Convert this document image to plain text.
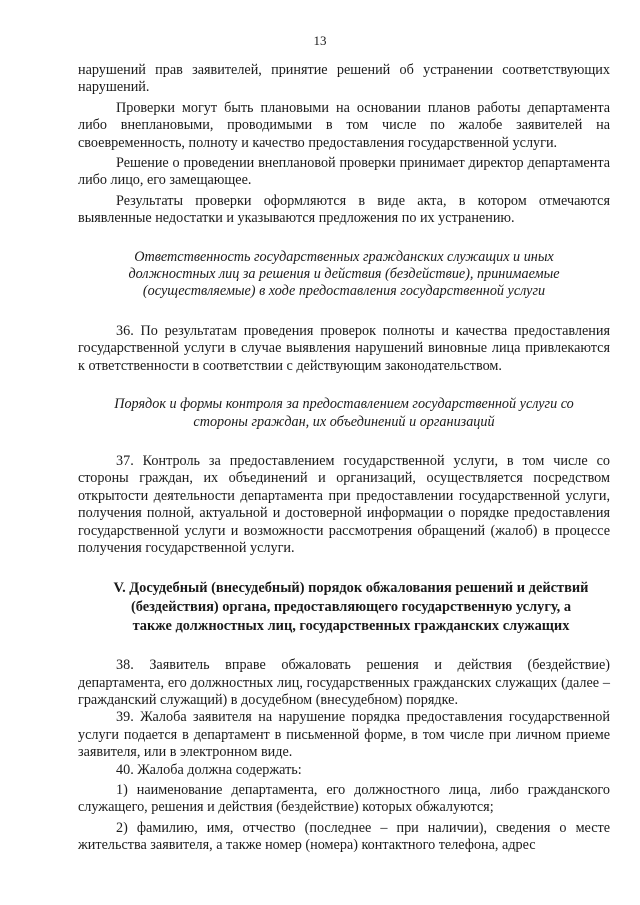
13

нарушений прав заявителей, принятие решений об устранении соответствующих нарушений.

Проверки могут быть плановыми на основании планов работы департамента либо внеплановыми, проводимыми в том числе по жалобе заявителей на своевременность, полноту и качество предоставления государственной услуги.

Решение о проведении внеплановой проверки принимает директор департамента либо лицо, его замещающее.

Результаты проверки оформляются в виде акта, в котором отмечаются выявленные недостатки и указываются предложения по их устранению.

Ответственность государственных гражданских служащих и иных должностных лиц за решения и действия (бездействие), принимаемые (осуществляемые) в ходе предоставления государственной услуги

36. По результатам проведения проверок полноты и качества предоставления государственной услуги в случае выявления нарушений виновные лица привлекаются к ответственности в соответствии с действующим законодательством.

Порядок и формы контроля за предоставлением государственной услуги со стороны граждан, их объединений и организаций

37. Контроль за предоставлением государственной услуги, в том числе со стороны граждан, их объединений и организаций, осуществляется посредством открытости деятельности департамента при предоставлении государственной услуги, получения полной, актуальной и достоверной информации о порядке предоставления государственной услуги и возможности рассмотрения обращений (жалоб) в процессе получения государственной услуги.

V. Досудебный (внесудебный) порядок обжалования решений и действий (бездействия) органа, предоставляющего государственную услугу, а также должностных лиц, государственных гражданских служащих

38. Заявитель вправе обжаловать решения и действия (бездействие) департамента, его должностных лиц, государственных гражданских служащих (далее – гражданский служащий) в досудебном (внесудебном) порядке.

39. Жалоба заявителя на нарушение порядка предоставления государственной услуги подается в департамент в письменной форме, в том числе при личном приеме заявителя, или в электронном виде.

40. Жалоба должна содержать:

1) наименование департамента, его должностного лица, либо гражданского служащего, решения и действия (бездействие) которых обжалуются;

2) фамилию, имя, отчество (последнее – при наличии), сведения о месте жительства заявителя, а также номер (номера) контактного телефона, адрес
